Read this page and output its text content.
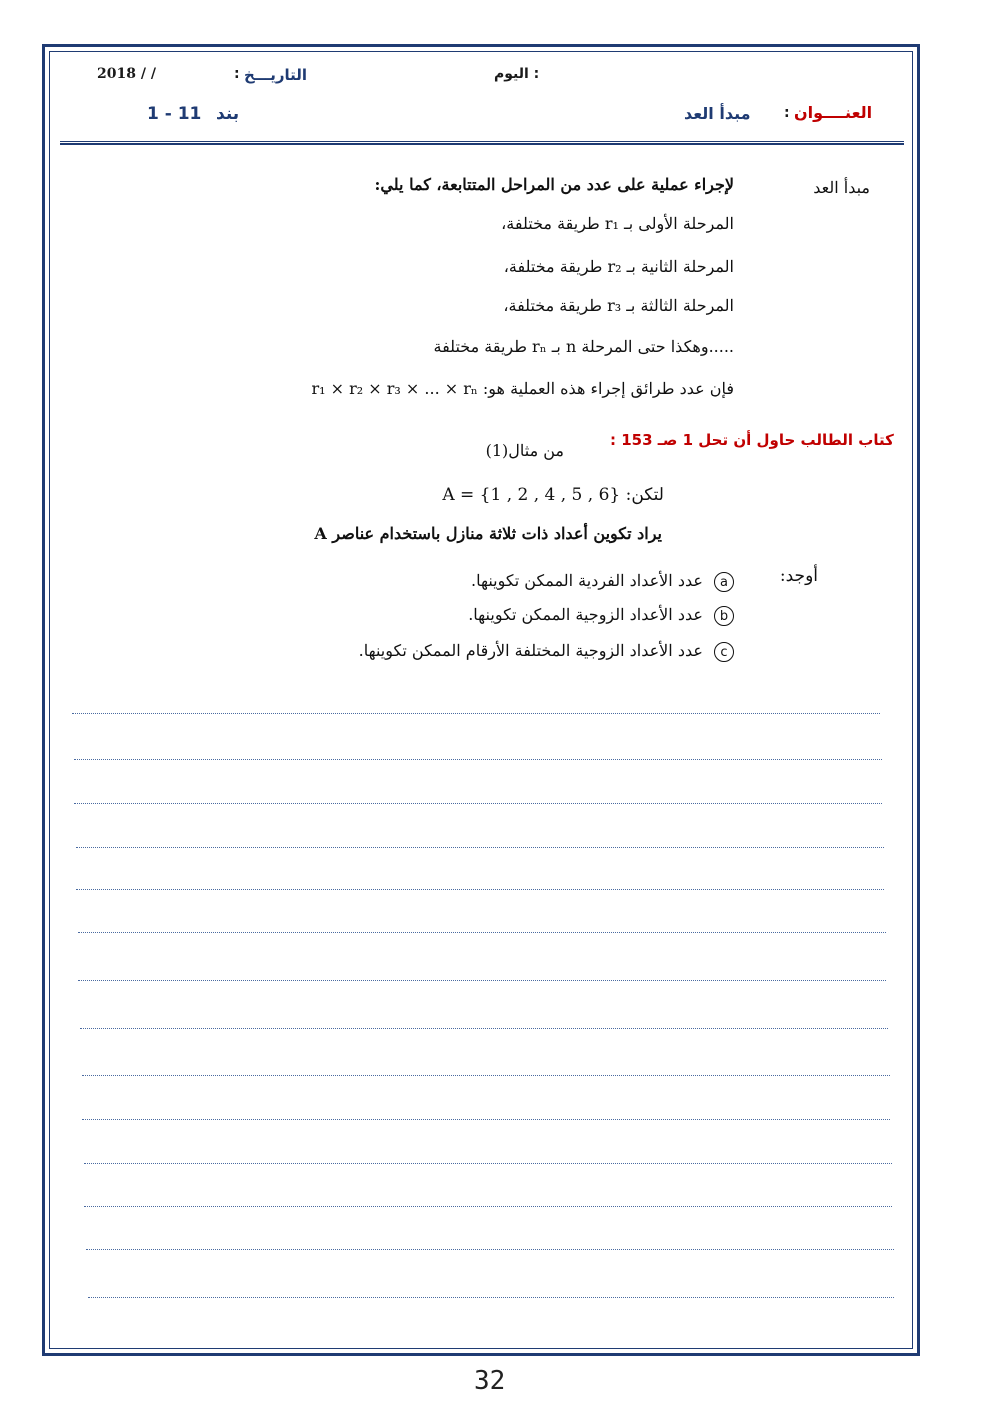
اليوم :
التاريـــخ
:
2018 / /
العنــــوان
:
مبدأ العد
بند
1 - 11
مبدأ العد
لإجراء عملية على عدد من المراحل المتتابعة، كما يلي:
المرحلة الأولى بـ r₁ طريقة مختلفة،
المرحلة الثانية بـ r₂ طريقة مختلفة،
المرحلة الثالثة بـ r₃ طريقة مختلفة،
.....وهكذا حتى المرحلة n بـ rₙ طريقة مختلفة
فإن عدد طرائق إجراء هذه العملية هو: r₁ × r₂ × r₃ × ... × rₙ
كتاب الطالب حاول أن تحل 1 صـ 153 :
من مثال(1)
لتكن: A = {1 , 2 , 4 , 5 , 6}
يراد تكوين أعداد ذات ثلاثة منازل باستخدام عناصر A
أوجد:
a عدد الأعداد الفردية الممكن تكوينها.
b عدد الأعداد الزوجية الممكن تكوينها.
c عدد الأعداد الزوجية المختلفة الأرقام الممكن تكوينها.
32
